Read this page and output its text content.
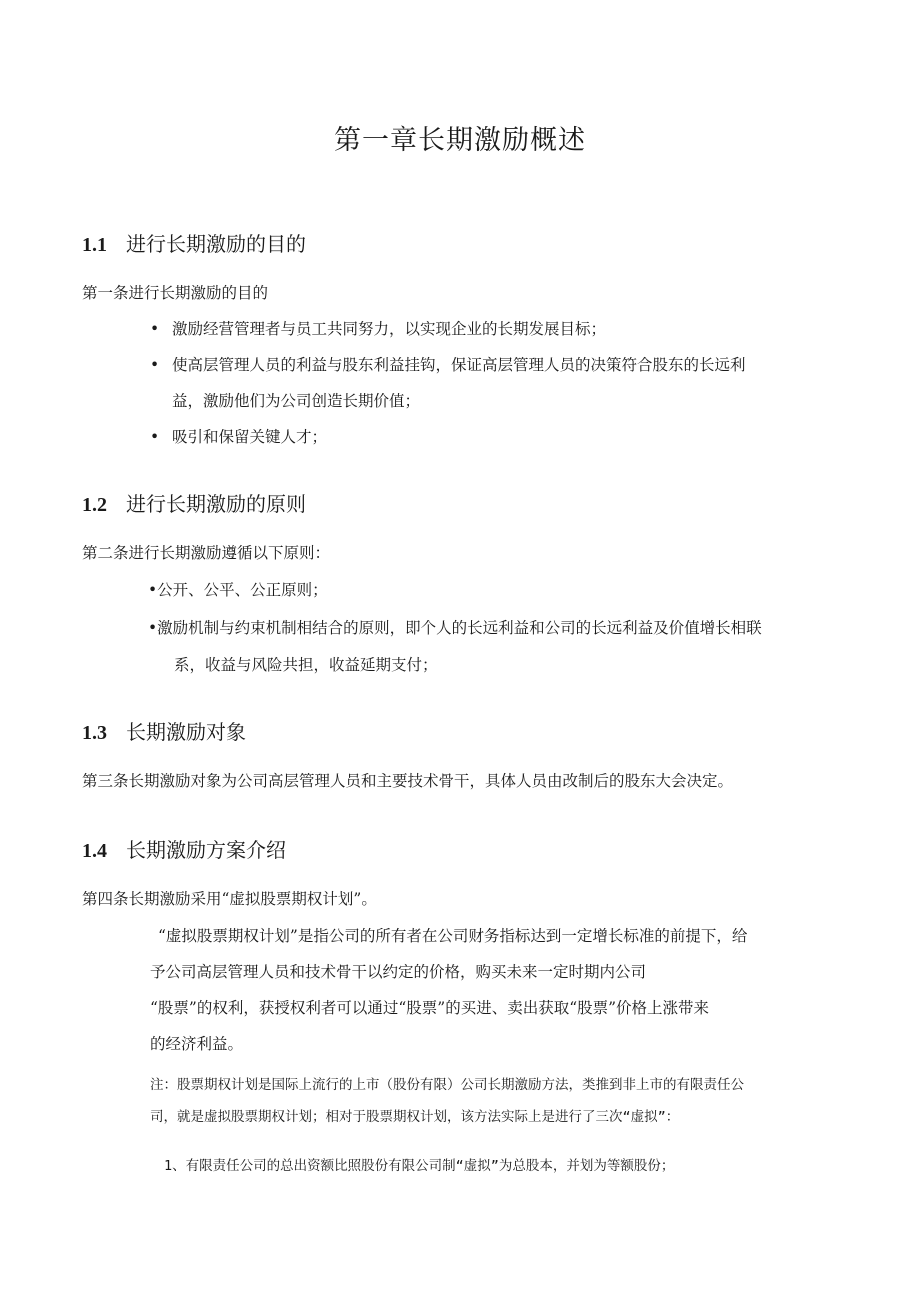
第一章长期激励概述
1.1 进行长期激励的目的
第一条进行长期激励的目的
• 激励经营管理者与员工共同努力，以实现企业的长期发展目标；
• 使高层管理人员的利益与股东利益挂钩，保证高层管理人员的决策符合股东的长远利
益，激励他们为公司创造长期价值；
• 吸引和保留关键人才；
1.2 进行长期激励的原则
第二条进行长期激励遵循以下原则：
•公开、公平、公正原则；
•激励机制与约束机制相结合的原则，即个人的长远利益和公司的长远利益及价值增长相联
系，收益与风险共担，收益延期支付；
1.3 长期激励对象
第三条长期激励对象为公司高层管理人员和主要技术骨干，具体人员由改制后的股东大会决定。
1.4 长期激励方案介绍
第四条长期激励采用“虚拟股票期权计划”。
“虚拟股票期权计划”是指公司的所有者在公司财务指标达到一定增长标准的前提下，给
予公司高层管理人员和技术骨干以约定的价格，购买未来一定时期内公司
“股票”的权利，获授权利者可以通过“股票”的买进、卖出获取“股票”价格上涨带来
的经济利益。
注：股票期权计划是国际上流行的上市（股份有限）公司长期激励方法，类推到非上市的有限责任公
司，就是虚拟股票期权计划；相对于股票期权计划，该方法实际上是进行了三次“虚拟”：
1、有限责任公司的总出资额比照股份有限公司制“虚拟”为总股本，并划为等额股份；
